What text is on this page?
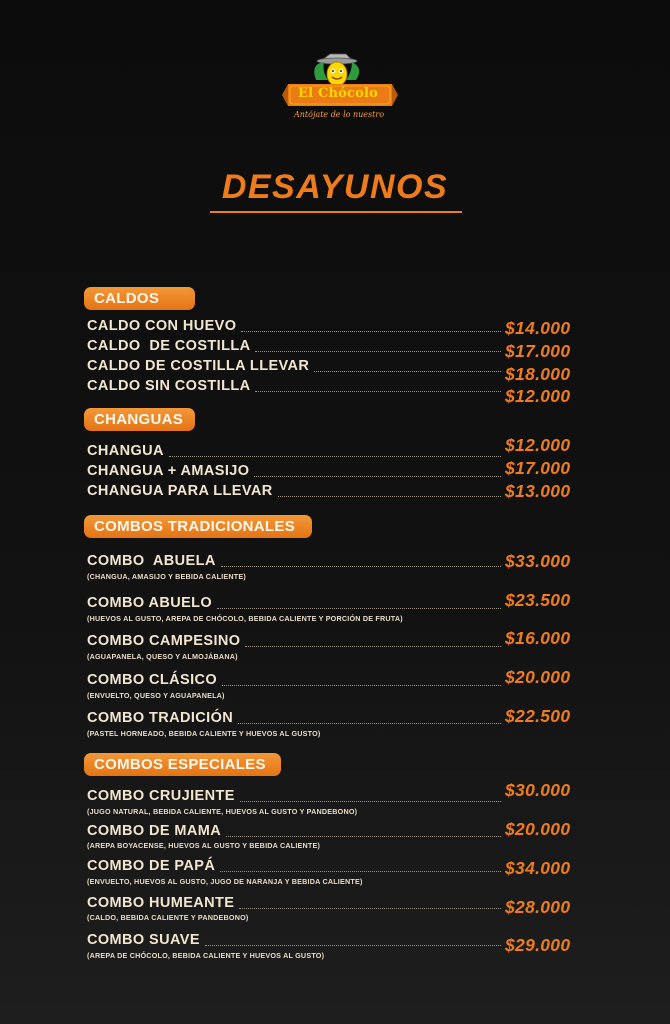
El Chócolo
Antójate de lo nuestro
DESAYUNOS
CALDOS
CALDO CON HUEVO
CALDO  DE COSTILLA
CALDO DE COSTILLA LLEVAR
CALDO SIN COSTILLA
$14.000
$17.000
$18.000
$12.000
CHANGUAS
CHANGUA
CHANGUA + AMASIJO
CHANGUA PARA LLEVAR
$12.000
$17.000
$13.000
COMBOS TRADICIONALES
COMBO  ABUELA
(CHANGUA, AMASIJO Y BEBIDA CALIENTE)
$33.000
COMBO ABUELO
(HUEVOS AL GUSTO, AREPA DE CHÓCOLO, BEBIDA CALIENTE Y PORCIÓN DE FRUTA)
$23.500
COMBO CAMPESINO
(AGUAPANELA, QUESO Y ALMOJÁBANA)
$16.000
COMBO CLÁSICO
(ENVUELTO, QUESO Y AGUAPANELA)
$20.000
COMBO TRADICIÓN
(PASTEL HORNEADO, BEBIDA CALIENTE Y HUEVOS AL GUSTO)
$22.500
COMBOS ESPECIALES
COMBO CRUJIENTE
(JUGO NATURAL, BEBIDA CALIENTE, HUEVOS AL GUSTO Y PANDEBONO)
$30.000
COMBO DE MAMA
(AREPA BOYACENSE, HUEVOS AL GUSTO Y BEBIDA CALIENTE)
$20.000
COMBO DE PAPÁ
(ENVUELTO, HUEVOS AL GUSTO, JUGO DE NARANJA Y BEBIDA CALIENTE)
$34.000
COMBO HUMEANTE
(CALDO, BEBIDA CALIENTE Y PANDEBONO)
$28.000
COMBO SUAVE
(AREPA DE CHÓCOLO, BEBIDA CALIENTE Y HUEVOS AL GUSTO)
$29.000
